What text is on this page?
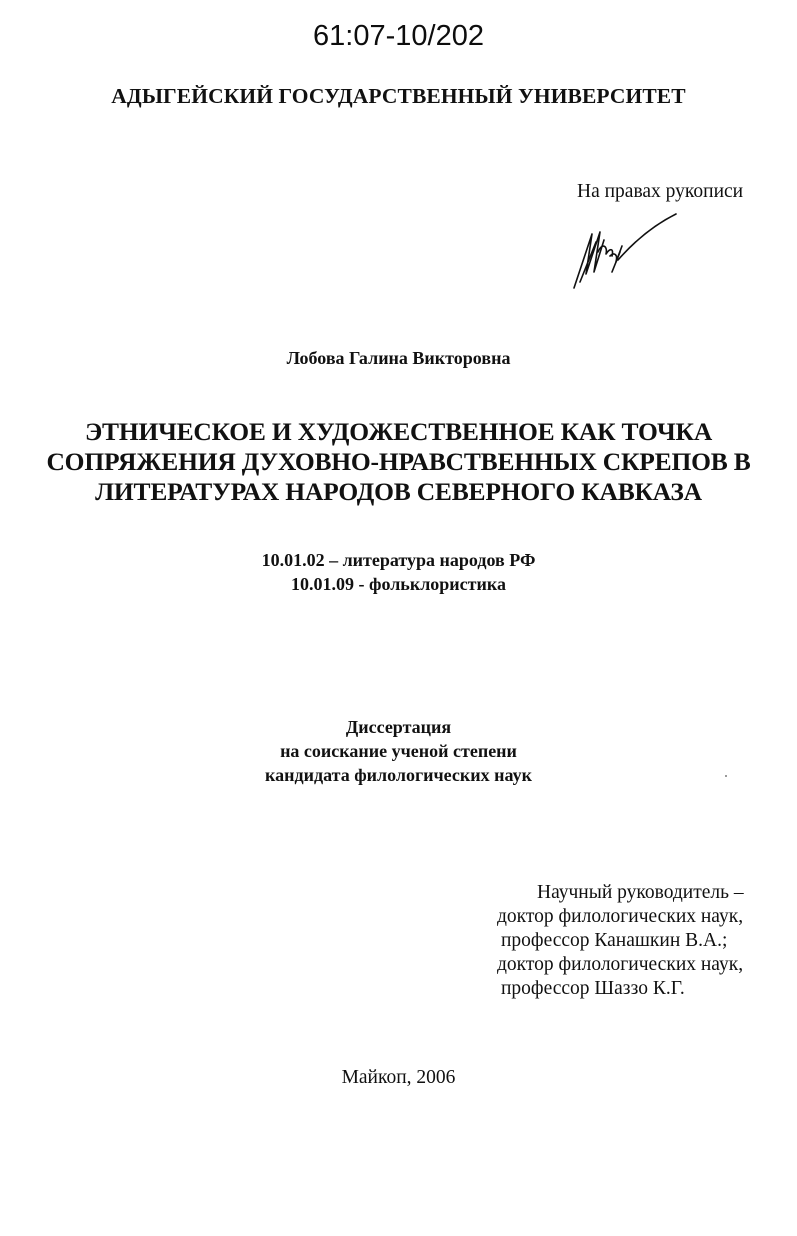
61:07-10/202
АДЫГЕЙСКИЙ ГОСУДАРСТВЕННЫЙ УНИВЕРСИТЕТ
На правах рукописи
Лобова Галина Викторовна
ЭТНИЧЕСКОЕ И ХУДОЖЕСТВЕННОЕ КАК ТОЧКА
СОПРЯЖЕНИЯ ДУХОВНО-НРАВСТВЕННЫХ СКРЕПОВ В
ЛИТЕРАТУРАХ НАРОДОВ СЕВЕРНОГО КАВКАЗА
10.01.02 – литература народов РФ
10.01.09 - фольклористика
Диссертация
на соискание ученой степени
кандидата филологических наук
Научный руководитель –
доктор филологических наук,
профессор Канашкин В.А.;
доктор филологических наук,
профессор Шаззо К.Г.
Майкоп, 2006
